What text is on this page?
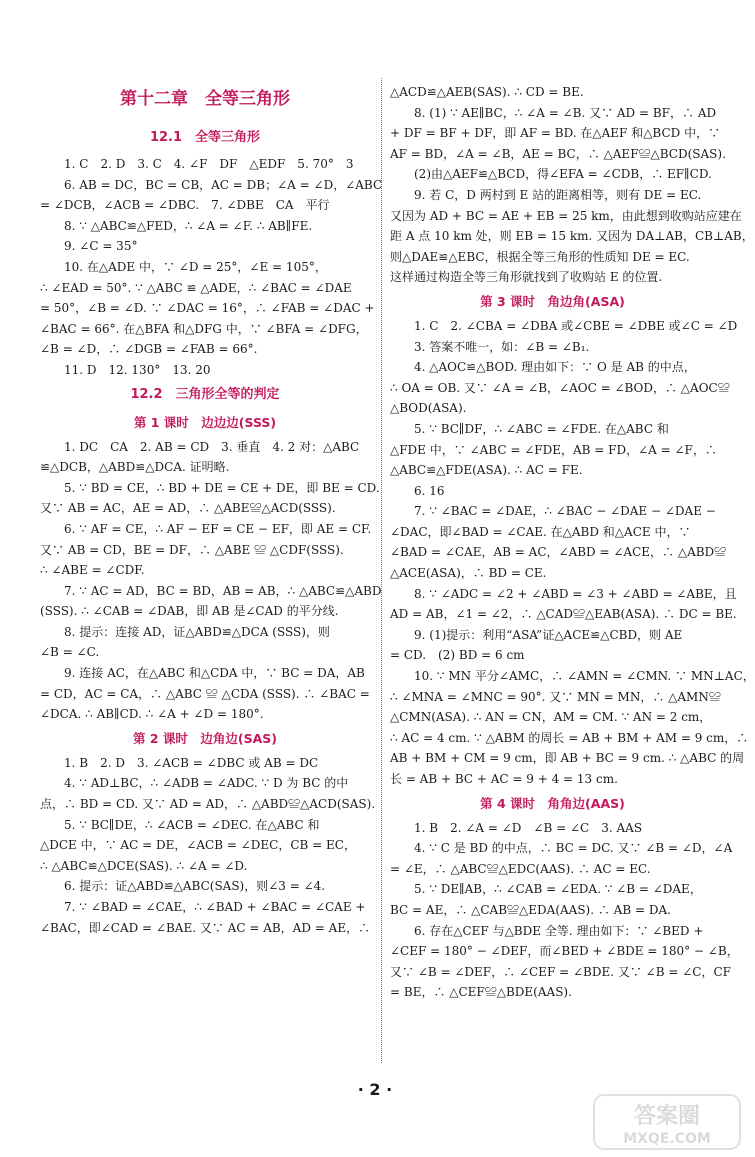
第十二章　全等三角形
12.1　全等三角形
1. C　2. D　3. C　4. ∠F　DF　△EDF　5. 70°　3
6. AB = DC，BC = CB，AC = DB；∠A = ∠D，∠ABC
= ∠DCB，∠ACB = ∠DBC.　7. ∠DBE　CA　平行
8. ∵ △ABC≌△FED，∴ ∠A = ∠F. ∴ AB∥FE.
9. ∠C = 35°
10. 在△ADE 中，∵ ∠D = 25°，∠E = 105°，
∴ ∠EAD = 50°. ∵ △ABC ≌ △ADE，∴ ∠BAC = ∠DAE
= 50°，∠B = ∠D. ∵ ∠DAC = 16°，∴ ∠FAB = ∠DAC +
∠BAC = 66°. 在△BFA 和△DFG 中，∵ ∠BFA = ∠DFG，
∠B = ∠D，∴ ∠DGB = ∠FAB = 66°.
11. D　12. 130°　13. 20
12.2　三角形全等的判定
第 1 课时　边边边(SSS)
1. DC　CA　2. AB = CD　3. 垂直　4. 2 对：△ABC
≌△DCB，△ABD≌△DCA. 证明略.
5. ∵ BD = CE，∴ BD + DE = CE + DE，即 BE = CD.
又∵ AB = AC，AE = AD，∴ △ABE≌△ACD(SSS).
6. ∵ AF = CE，∴ AF − EF = CE − EF，即 AE = CF.
又∵ AB = CD，BE = DF，∴ △ABE ≌ △CDF(SSS).
∴ ∠ABE = ∠CDF.
7. ∵ AC = AD，BC = BD，AB = AB，∴ △ABC≌△ABD
(SSS). ∴ ∠CAB = ∠DAB，即 AB 是∠CAD 的平分线.
8. 提示：连接 AD，证△ABD≌△DCA (SSS)，则
∠B = ∠C.
9. 连接 AC，在△ABC 和△CDA 中，∵ BC = DA，AB
= CD，AC = CA，∴ △ABC ≌ △CDA (SSS). ∴ ∠BAC =
∠DCA. ∴ AB∥CD. ∴ ∠A + ∠D = 180°.
第 2 课时　边角边(SAS)
1. B　2. D　3. ∠ACB = ∠DBC 或 AB = DC
4. ∵ AD⊥BC，∴ ∠ADB = ∠ADC. ∵ D 为 BC 的中
点，∴ BD = CD. 又∵ AD = AD，∴ △ABD≌△ACD(SAS).
5. ∵ BC∥DE，∴ ∠ACB = ∠DEC. 在△ABC 和
△DCE 中，∵ AC = DE，∠ACB = ∠DEC，CB = EC，
∴ △ABC≌△DCE(SAS). ∴ ∠A = ∠D.
6. 提示：证△ABD≌△ABC(SAS)，则∠3 = ∠4.
7. ∵ ∠BAD = ∠CAE，∴ ∠BAD + ∠BAC = ∠CAE +
∠BAC，即∠CAD = ∠BAE. 又∵ AC = AB，AD = AE，∴
△ACD≌△AEB(SAS). ∴ CD = BE.
8. (1) ∵ AE∥BC，∴ ∠A = ∠B. 又∵ AD = BF，∴ AD
+ DF = BF + DF，即 AF = BD. 在△AEF 和△BCD 中，∵
AF = BD，∠A = ∠B，AE = BC，∴ △AEF≌△BCD(SAS).
(2)由△AEF≌△BCD，得∠EFA = ∠CDB，∴ EF∥CD.
9. 若 C，D 两村到 E 站的距离相等，则有 DE = EC.
又因为 AD + BC = AE + EB = 25 km，由此想到收购站应建在
距 A 点 10 km 处，则 EB = 15 km. 又因为 DA⊥AB，CB⊥AB，
则△DAE≌△EBC，根据全等三角形的性质知 DE = EC.
这样通过构造全等三角形就找到了收购站 E 的位置.
第 3 课时　角边角(ASA)
1. C　2. ∠CBA = ∠DBA 或∠CBE = ∠DBE 或∠C = ∠D
3. 答案不唯一，如：∠B = ∠B₁.
4. △AOC≌△BOD. 理由如下：∵ O 是 AB 的中点，
∴ OA = OB. 又∵ ∠A = ∠B，∠AOC = ∠BOD，∴ △AOC≌
△BOD(ASA).
5. ∵ BC∥DF，∴ ∠ABC = ∠FDE. 在△ABC 和
△FDE 中，∵ ∠ABC = ∠FDE，AB = FD，∠A = ∠F，∴
△ABC≌△FDE(ASA). ∴ AC = FE.
6. 16
7. ∵ ∠BAC = ∠DAE，∴ ∠BAC − ∠DAE − ∠DAE −
∠DAC，即∠BAD = ∠CAE. 在△ABD 和△ACE 中，∵
∠BAD = ∠CAE，AB = AC，∠ABD = ∠ACE，∴ △ABD≌
△ACE(ASA)，∴ BD = CE.
8. ∵ ∠ADC = ∠2 + ∠ABD = ∠3 + ∠ABD = ∠ABE，且
AD = AB，∠1 = ∠2，∴ △CAD≌△EAB(ASA). ∴ DC = BE.
9. (1)提示：利用“ASA”证△ACE≌△CBD，则 AE
= CD.　(2) BD = 6 cm
10. ∵ MN 平分∠AMC，∴ ∠AMN = ∠CMN. ∵ MN⊥AC，
∴ ∠MNA = ∠MNC = 90°. 又∵ MN = MN，∴ △AMN≌
△CMN(ASA). ∴ AN = CN，AM = CM. ∵ AN = 2 cm，
∴ AC = 4 cm. ∵ △ABM 的周长 = AB + BM + AM = 9 cm，∴
AB + BM + CM = 9 cm，即 AB + BC = 9 cm. ∴ △ABC 的周
长 = AB + BC + AC = 9 + 4 = 13 cm.
第 4 课时　角角边(AAS)
1. B　2. ∠A = ∠D　∠B = ∠C　3. AAS
4. ∵ C 是 BD 的中点，∴ BC = DC. 又∵ ∠B = ∠D，∠A
= ∠E，∴ △ABC≌△EDC(AAS). ∴ AC = EC.
5. ∵ DE∥AB，∴ ∠CAB = ∠EDA. ∵ ∠B = ∠DAE，
BC = AE，∴ △CAB≌△EDA(AAS). ∴ AB = DA.
6. 存在△CEF 与△BDE 全等. 理由如下：∵ ∠BED +
∠CEF = 180° − ∠DEF，而∠BED + ∠BDE = 180° − ∠B，
又∵ ∠B = ∠DEF，∴ ∠CEF = ∠BDE. 又∵ ∠B = ∠C，CF
= BE，∴ △CEF≌△BDE(AAS).
· 2 ·
答案圈
MXQE.COM
